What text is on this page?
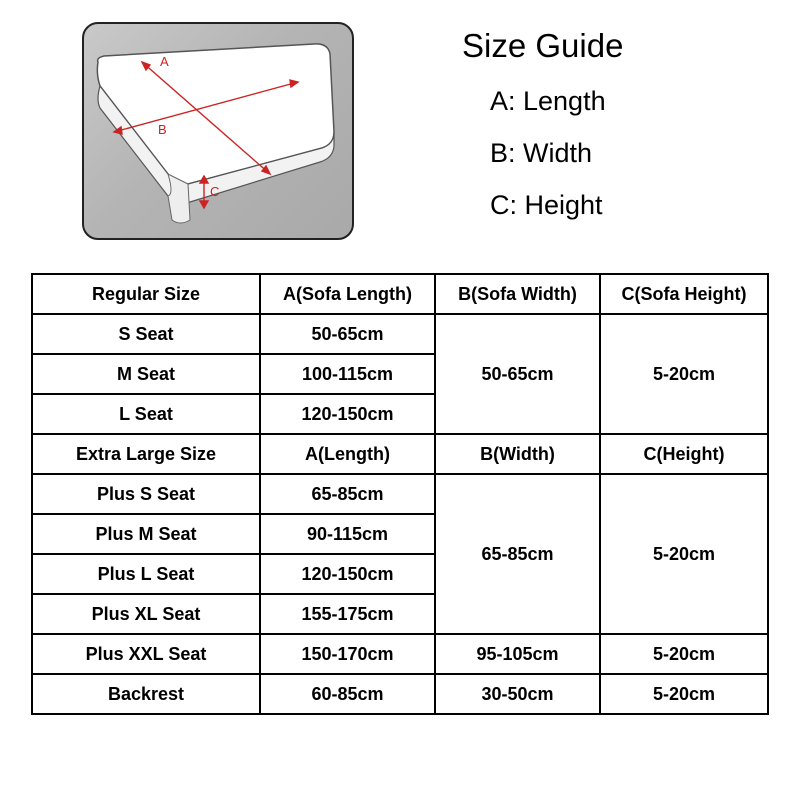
A
B
C
Size Guide
A: Length
B: Width
C: Height
Regular Size	A(Sofa Length)	B(Sofa Width)	C(Sofa Height)
S Seat	50-65cm	50-65cm	5-20cm
M Seat	100-115cm		
L Seat	120-150cm		
Extra Large Size	A(Length)	B(Width)	C(Height)
Plus S Seat	65-85cm	65-85cm	5-20cm
Plus M Seat	90-115cm		
Plus L Seat	120-150cm		
Plus XL Seat	155-175cm		
Plus XXL Seat	150-170cm	95-105cm	5-20cm
Backrest	60-85cm	30-50cm	5-20cm
